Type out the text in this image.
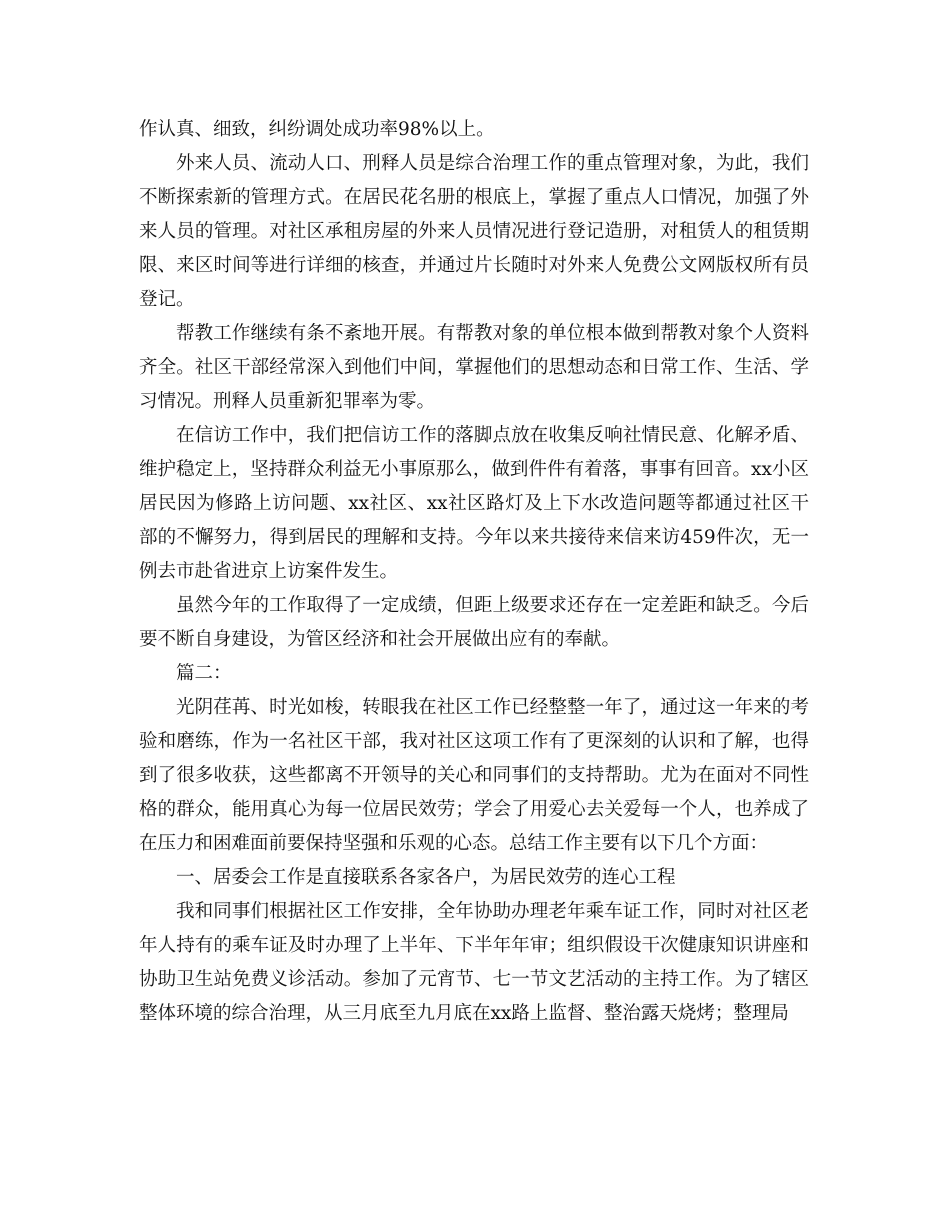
作认真、细致，纠纷调处成功率98%以上。

外来人员、流动人口、刑释人员是综合治理工作的重点管理对象，为此，我们不断探索新的管理方式。在居民花名册的根底上，掌握了重点人口情况，加强了外来人员的管理。对社区承租房屋的外来人员情况进行登记造册，对租赁人的租赁期限、来区时间等进行详细的核查，并通过片长随时对外来人免费公文网版权所有员登记。

帮教工作继续有条不紊地开展。有帮教对象的单位根本做到帮教对象个人资料齐全。社区干部经常深入到他们中间，掌握他们的思想动态和日常工作、生活、学习情况。刑释人员重新犯罪率为零。

在信访工作中，我们把信访工作的落脚点放在收集反响社情民意、化解矛盾、维护稳定上，坚持群众利益无小事原那么，做到件件有着落，事事有回音。xx小区居民因为修路上访问题、xx社区、xx社区路灯及上下水改造问题等都通过社区干部的不懈努力，得到居民的理解和支持。今年以来共接待来信来访459件次，无一例去市赴省进京上访案件发生。

虽然今年的工作取得了一定成绩，但距上级要求还存在一定差距和缺乏。今后要不断自身建设，为管区经济和社会开展做出应有的奉献。

篇二：

光阴荏苒、时光如梭，转眼我在社区工作已经整整一年了，通过这一年来的考验和磨练，作为一名社区干部，我对社区这项工作有了更深刻的认识和了解，也得到了很多收获，这些都离不开领导的关心和同事们的支持帮助。尤为在面对不同性格的群众，能用真心为每一位居民效劳；学会了用爱心去关爱每一个人，也养成了在压力和困难面前要保持坚强和乐观的心态。总结工作主要有以下几个方面：

一、居委会工作是直接联系各家各户，为居民效劳的连心工程

我和同事们根据社区工作安排，全年协助办理老年乘车证工作，同时对社区老年人持有的乘车证及时办理了上半年、下半年年审；组织假设干次健康知识讲座和协助卫生站免费义诊活动。参加了元宵节、七一节文艺活动的主持工作。为了辖区整体环境的综合治理，从三月底至九月底在xx路上监督、整治露天烧烤；整理局
